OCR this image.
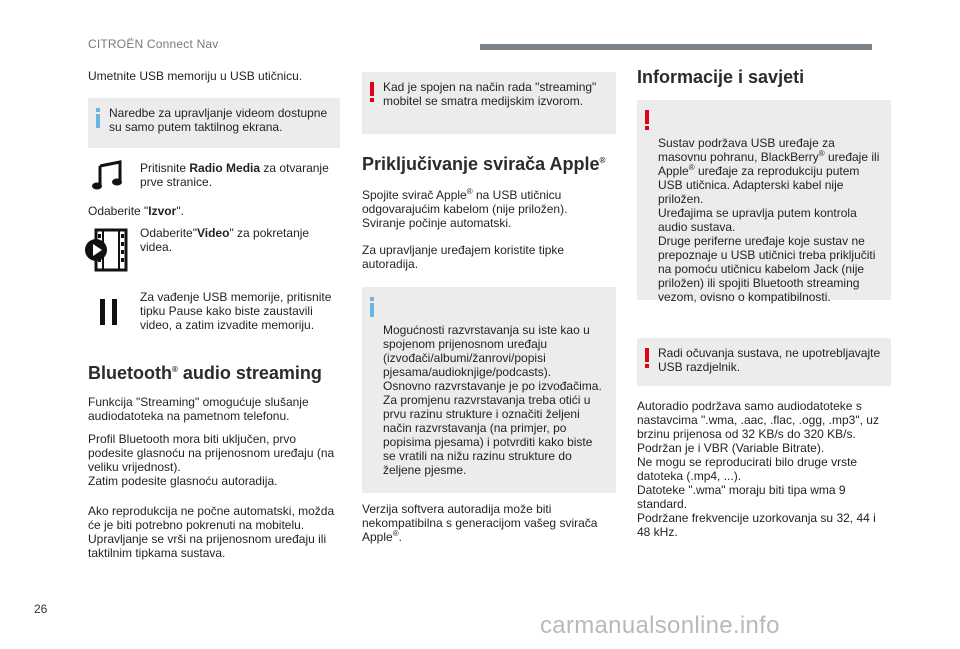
CITROËN Connect Nav
Umetnite USB memoriju u USB utičnicu.
Naredbe za upravljanje videom dostupne su samo putem taktilnog ekrana.
Pritisnite Radio Media za otvaranje prve stranice.
Odaberite "Izvor".
Odaberite"Video" za pokretanje videa.
Za vađenje USB memorije, pritisnite tipku Pause kako biste zaustavili video, a zatim izvadite memoriju.
Bluetooth® audio streaming
Funkcija "Streaming" omogućuje slušanje audiodatoteka na pametnom telefonu.
Profil Bluetooth mora biti uključen, prvo podesite glasnoću na prijenosnom uređaju (na veliku vrijednost).
Zatim podesite glasnoću autoradija.
Ako reprodukcija ne počne automatski, možda će je biti potrebno pokrenuti na mobitelu.
Upravljanje se vrši na prijenosnom uređaju ili taktilnim tipkama sustava.
Kad je spojen na način rada "streaming" mobitel se smatra medijskim izvorom.
Priključivanje svirača Apple®
Spojite svirač Apple® na USB utičnicu odgovarajućim kabelom (nije priložen).
Sviranje počinje automatski.
Za upravljanje uređajem koristite tipke autoradija.

Mogućnosti razvrstavanja su iste kao u spojenom prijenosnom uređaju (izvođači/albumi/žanrovi/popisi pjesama/audioknjige/podcasts).
Osnovno razvrstavanje je po izvođačima. Za promjenu razvrstavanja treba otići u prvu razinu strukture i označiti željeni način razvrstavanja (na primjer, po popisima pjesama) i potvrditi kako biste se vratili na nižu razinu strukture do željene pjesme.

Verzija softvera autoradija može biti nekompatibilna s generacijom vašeg svirača Apple®.
Informacije i savjeti

Sustav podržava USB uređaje za masovnu pohranu, BlackBerry® uređaje ili Apple® uređaje za reprodukciju putem USB utičnica. Adapterski kabel nije priložen.
Uređajima se upravlja putem kontrola audio sustava.
Druge periferne uređaje koje sustav ne prepoznaje u USB utičnici treba priključiti na pomoću utičnicu kabelom Jack (nije priložen) ili spojiti Bluetooth streaming vezom, ovisno o kompatibilnosti.

Radi očuvanja sustava, ne upotrebljavajte USB razdjelnik.
Autoradio podržava samo audiodatoteke s nastavcima ".wma, .aac, .flac, .ogg, .mp3", uz brzinu prijenosa od 32 KB/s do 320 KB/s.
Podržan je i VBR (Variable Bitrate).
Ne mogu se reproducirati bilo druge vrste datoteka (.mp4, ...).
Datoteke ".wma" moraju biti tipa wma 9 standard.
Podržane frekvencije uzorkovanja su 32, 44 i 48 kHz.
26
carmanualsonline.info
